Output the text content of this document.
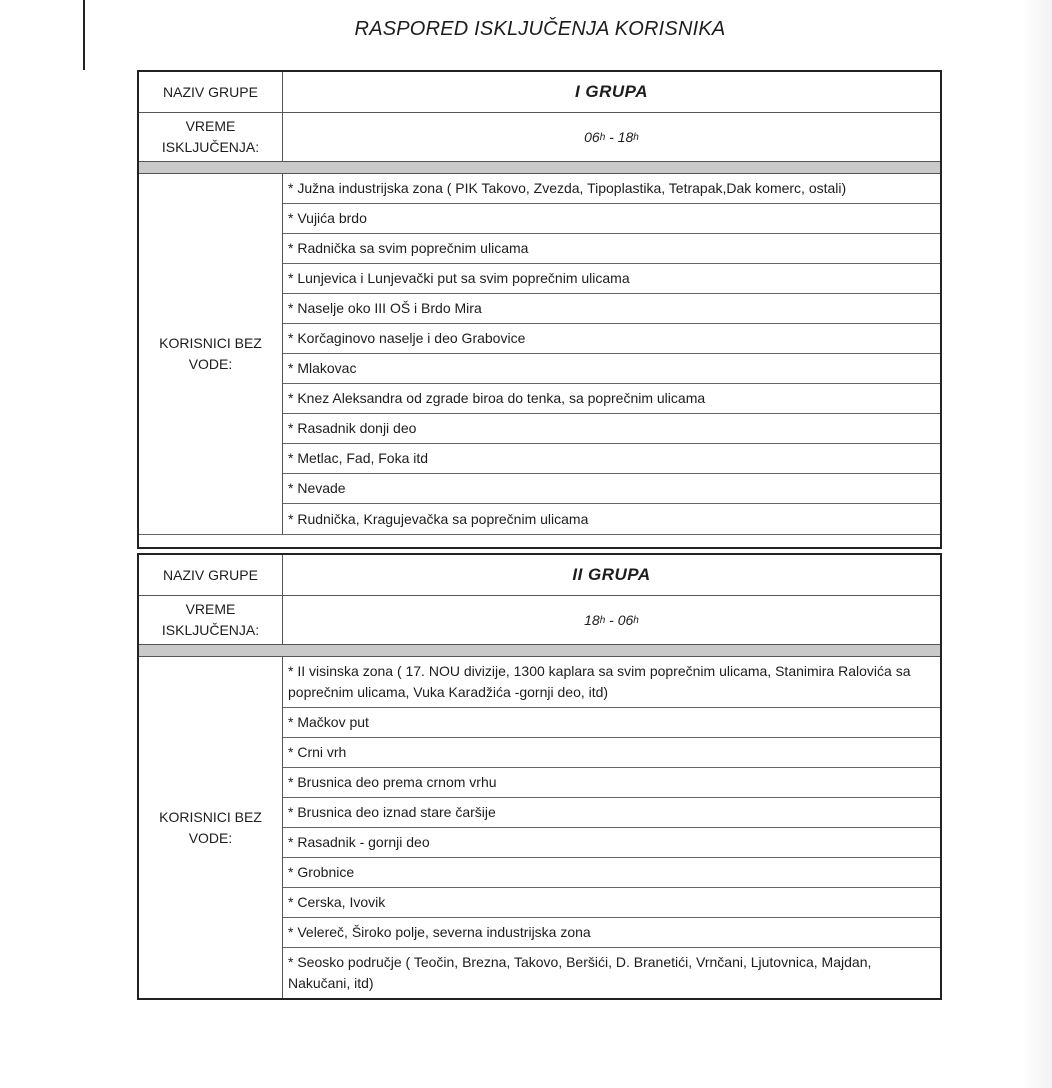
RASPORED ISKLJUČENJA KORISNIKA
NAZIV GRUPE	I GRUPA
VREME
ISKLJUČENJA:
06$^h$ - 18$^h$
KORISNICI BEZ
VODE:
* Južna industrijska zona ( PIK Takovo, Zvezda, Tipoplastika, Tetrapak,Dak komerc, ostali)
* Vujića brdo
* Radnička sa svim poprečnim ulicama
* Lunjevica i Lunjevački put sa svim poprečnim ulicama
* Naselje oko III OŠ i Brdo Mira
* Korčaginovo naselje i deo Grabovice
* Mlakovac
* Knez Aleksandra od zgrade biroa do tenka, sa poprečnim ulicama
* Rasadnik donji deo
* Metlac, Fad, Foka itd
* Nevade
* Rudnička, Kragujevačka sa poprečnim ulicama
NAZIV GRUPE	II GRUPA
VREME
ISKLJUČENJA:
18$^h$ - 06$^h$
KORISNICI BEZ
VODE:
* II visinska zona ( 17. NOU divizije, 1300 kaplara sa svim poprečnim ulicama, Stanimira Ralovića sa poprečnim ulicama, Vuka Karadžića -gornji deo, itd)
* Mačkov put
* Crni vrh
* Brusnica deo prema crnom vrhu
* Brusnica deo iznad stare čaršije
* Rasadnik - gornji deo
* Grobnice
* Cerska, Ivovik
* Velereč, Široko polje, severna industrijska zona
* Seosko područje ( Teočin, Brezna, Takovo, Beršići, D. Branetići, Vrnčani, Ljutovnica, Majdan, Nakučani, itd)
